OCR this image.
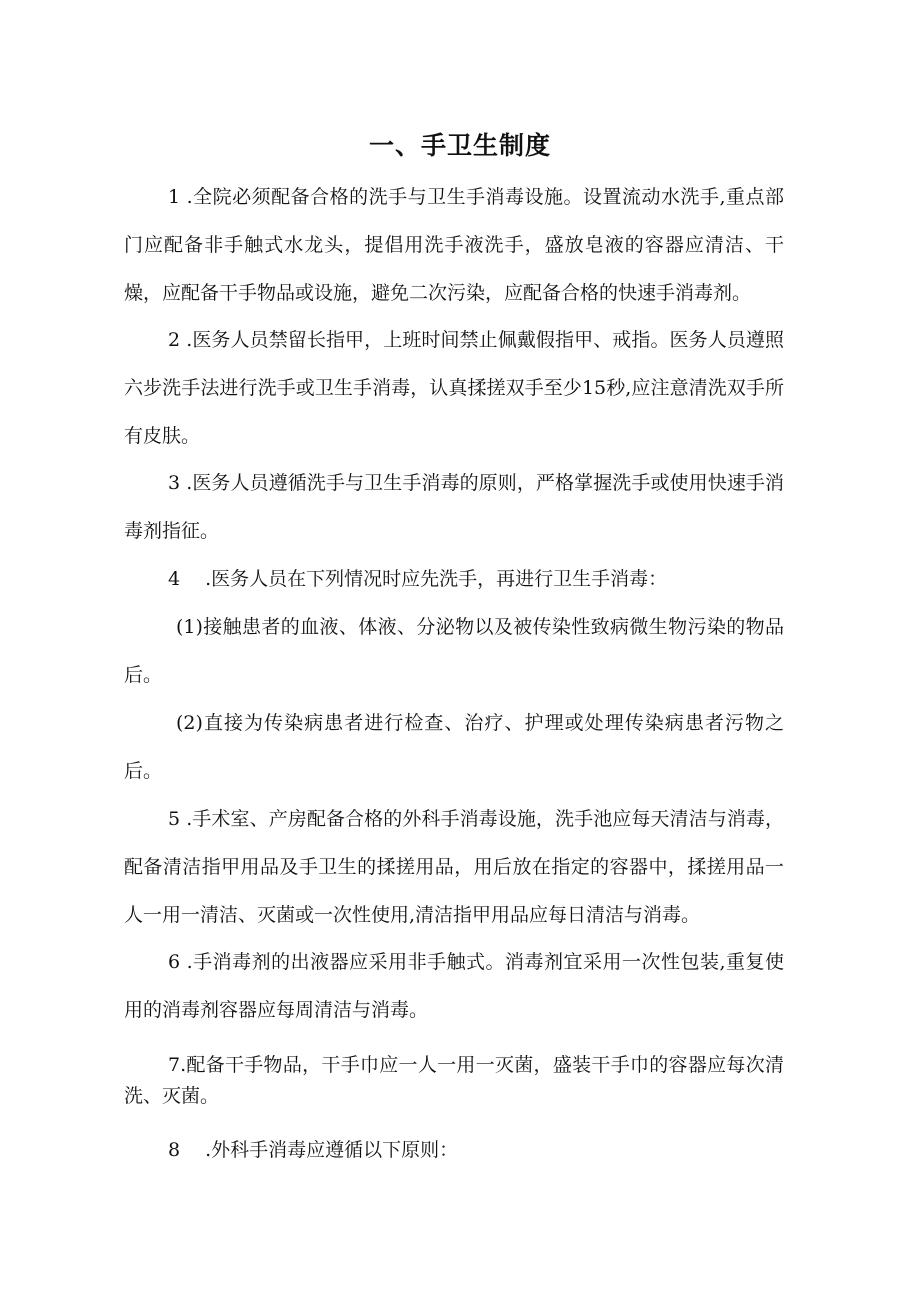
一、手卫生制度

1 .全院必须配备合格的洗手与卫生手消毒设施。设置流动水洗手,重点部门应配备非手触式水龙头，提倡用洗手液洗手，盛放皂液的容器应清洁、干燥，应配备干手物品或设施，避免二次污染，应配备合格的快速手消毒剂。

2 .医务人员禁留长指甲，上班时间禁止佩戴假指甲、戒指。医务人员遵照六步洗手法进行洗手或卫生手消毒，认真揉搓双手至少15秒,应注意清洗双手所有皮肤。

3 .医务人员遵循洗手与卫生手消毒的原则，严格掌握洗手或使用快速手消毒剂指征。

4　 .医务人员在下列情况时应先洗手，再进行卫生手消毒：

(1)接触患者的血液、体液、分泌物以及被传染性致病微生物污染的物品后。

(2)直接为传染病患者进行检查、治疗、护理或处理传染病患者污物之后。

5 .手术室、产房配备合格的外科手消毒设施，洗手池应每天清洁与消毒，配备清洁指甲用品及手卫生的揉搓用品，用后放在指定的容器中，揉搓用品一人一用一清洁、灭菌或一次性使用,清洁指甲用品应每日清洁与消毒。

6 .手消毒剂的出液器应采用非手触式。消毒剂宜采用一次性包装,重复使用的消毒剂容器应每周清洁与消毒。

7.配备干手物品，干手巾应一人一用一灭菌，盛装干手巾的容器应每次清洗、灭菌。

8　 .外科手消毒应遵循以下原则：
